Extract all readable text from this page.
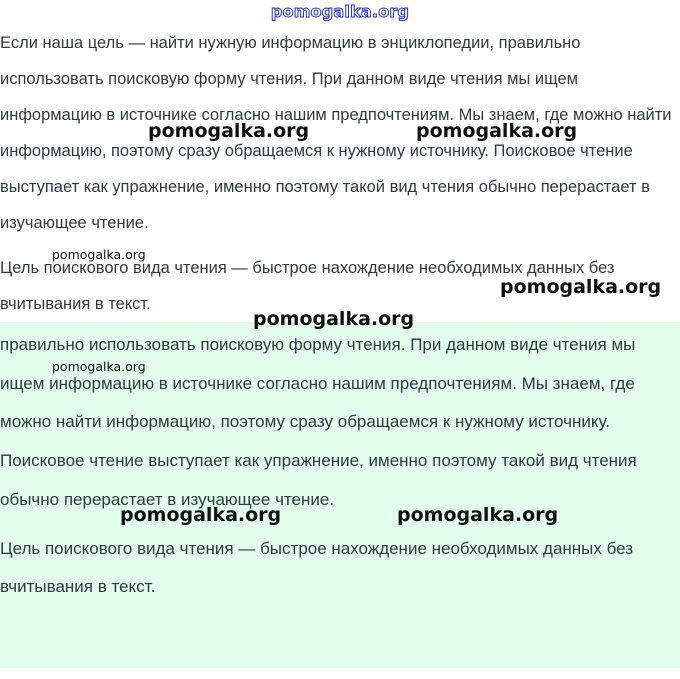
pomogalka.org

Если наша цель — найти нужную информацию в энциклопедии, правильно использовать поисковую форму чтения. При данном виде чтения мы ищем информацию в источнике согласно нашим предпочтениям. Мы знаем, где можно найти информацию, поэтому сразу обращаемся к нужному источнику. Поисковое чтение выступает как упражнение, именно поэтому такой вид чтения обычно перерастает в изучающее чтение.

Цель поискового вида чтения — быстрое нахождение необходимых данных без вчитывания в текст.

правильно использовать поисковую форму чтения. При данном виде чтения мы ищем информацию в источнике согласно нашим предпочтениям. Мы знаем, где можно найти информацию, поэтому сразу обращаемся к нужному источнику. Поисковое чтение выступает как упражнение, именно поэтому такой вид чтения обычно перерастает в изучающее чтение.

Цель поискового вида чтения — быстрое нахождение необходимых данных без вчитывания в текст.

pomogalka.org	pomogalka.org
pomogalka.org
pomogalka.org
pomogalka.org
pomogalka.org
pomogalka.org	pomogalka.org
